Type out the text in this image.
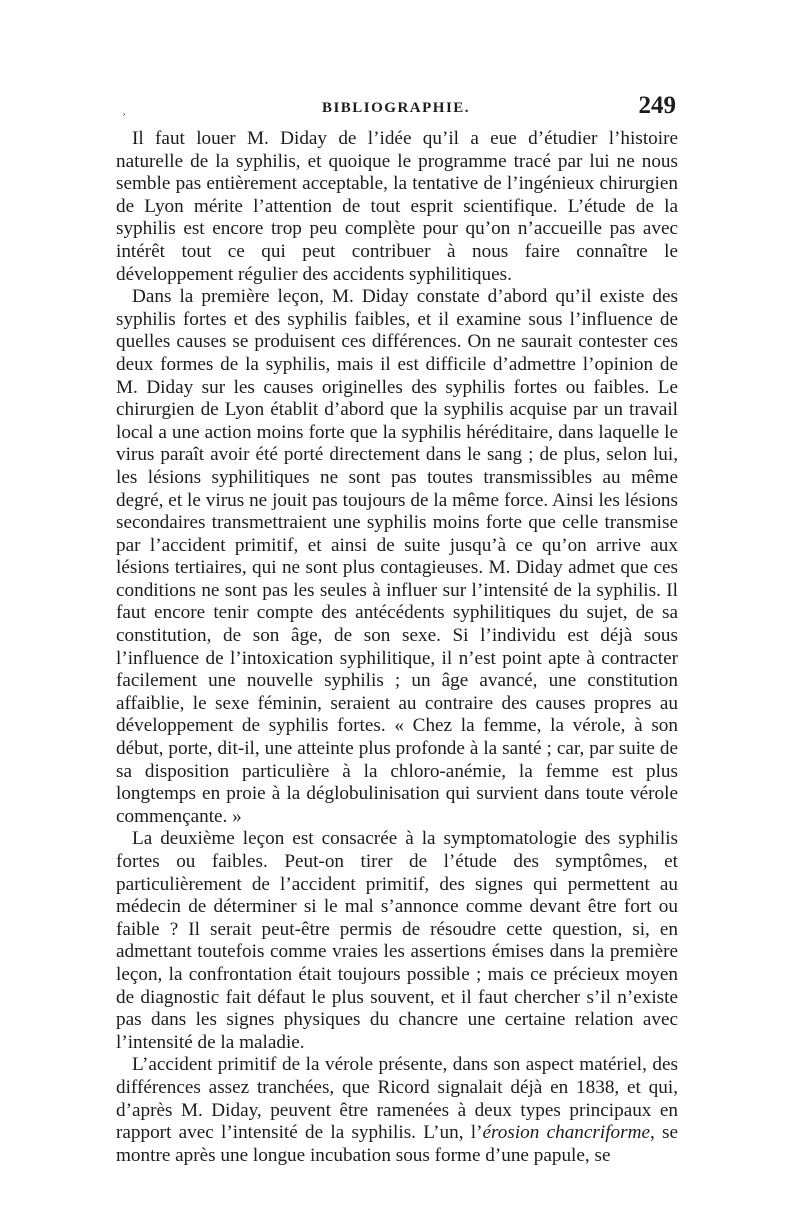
¸	BIBLIOGRAPHIE.	249

Il faut louer M. Diday de l’idée qu’il a eue d’étudier l’histoire naturelle de la syphilis, et quoique le programme tracé par lui ne nous semble pas entièrement acceptable, la tentative de l’ingénieux chirurgien de Lyon mérite l’attention de tout esprit scientifique. L’étude de la syphilis est encore trop peu complète pour qu’on n’accueille pas avec intérêt tout ce qui peut contribuer à nous faire connaître le développement régulier des accidents syphilitiques.

Dans la première leçon, M. Diday constate d’abord qu’il existe des syphilis fortes et des syphilis faibles, et il examine sous l’influence de quelles causes se produisent ces différences. On ne saurait contester ces deux formes de la syphilis, mais il est difficile d’admettre l’opinion de M. Diday sur les causes originelles des syphilis fortes ou faibles. Le chirurgien de Lyon établit d’abord que la syphilis acquise par un travail local a une action moins forte que la syphilis héréditaire, dans laquelle le virus paraît avoir été porté directement dans le sang ; de plus, selon lui, les lésions syphilitiques ne sont pas toutes transmissibles au même degré, et le virus ne jouit pas toujours de la même force. Ainsi les lésions secondaires transmettraient une syphilis moins forte que celle transmise par l’accident primitif, et ainsi de suite jusqu’à ce qu’on arrive aux lésions tertiaires, qui ne sont plus contagieuses. M. Diday admet que ces conditions ne sont pas les seules à influer sur l’intensité de la syphilis. Il faut encore tenir compte des antécédents syphilitiques du sujet, de sa constitution, de son âge, de son sexe. Si l’individu est déjà sous l’influence de l’intoxication syphilitique, il n’est point apte à contracter facilement une nouvelle syphilis ; un âge avancé, une constitution affaiblie, le sexe féminin, seraient au contraire des causes propres au développement de syphilis fortes. « Chez la femme, la vérole, à son début, porte, dit-il, une atteinte plus profonde à la santé ; car, par suite de sa disposition particulière à la chloro-anémie, la femme est plus longtemps en proie à la déglobulinisation qui survient dans toute vérole commençante. »

La deuxième leçon est consacrée à la symptomatologie des syphilis fortes ou faibles. Peut-on tirer de l’étude des symptômes, et particulièrement de l’accident primitif, des signes qui permettent au médecin de déterminer si le mal s’annonce comme devant être fort ou faible ? Il serait peut-être permis de résoudre cette question, si, en admettant toutefois comme vraies les assertions émises dans la première leçon, la confrontation était toujours possible ; mais ce précieux moyen de diagnostic fait défaut le plus souvent, et il faut chercher s’il n’existe pas dans les signes physiques du chancre une certaine relation avec l’intensité de la maladie.

L’accident primitif de la vérole présente, dans son aspect matériel, des différences assez tranchées, que Ricord signalait déjà en 1838, et qui, d’après M. Diday, peuvent être ramenées à deux types principaux en rapport avec l’intensité de la syphilis. L’un, l’érosion chancriforme, se montre après une longue incubation sous forme d’une papule, se
